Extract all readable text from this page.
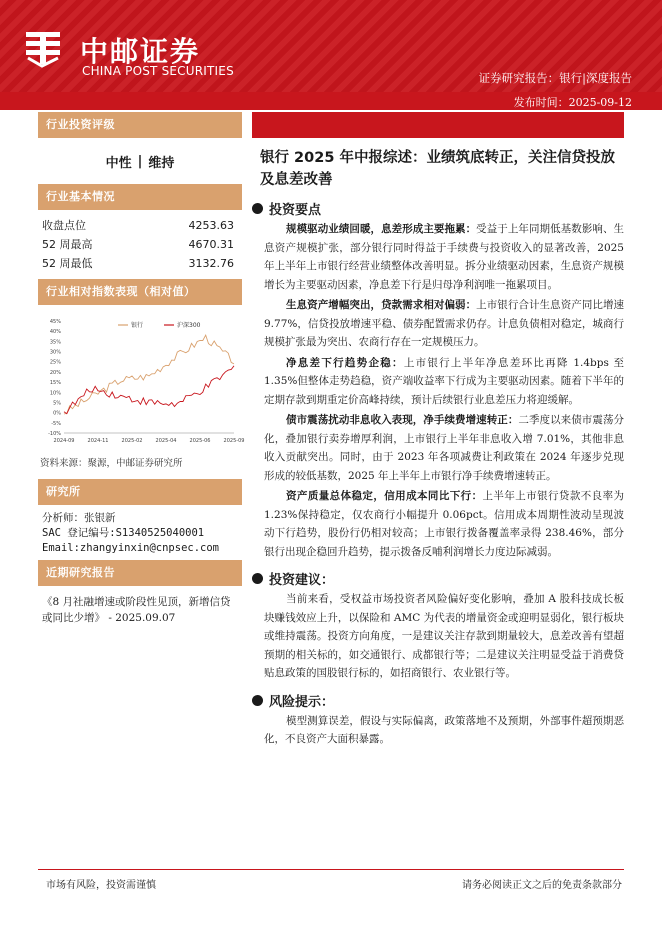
中邮证券
CHINA POST SECURITIES	证券研究报告：银行|深度报告
发布时间：2025-09-12
行业投资评级
中性 | 维持
行业基本情况
收盘点位	4253.63
52 周最高	4670.31
52 周最低	3132.76
行业相对指数表现（相对值）
45%
40%
35%
30%
25%
20%
15%
10%
5%
0%
-5%
-10%
2024-09	2024-11	2025-02	2025-04	2025-06	2025-09
银行	沪深300
资料来源：聚源，中邮证券研究所
研究所
分析师：张银新
SAC 登记编号:S1340525040001
Email:zhangyinxin@cnpsec.com
近期研究报告
《8 月社融增速或阶段性见顶，新增信贷或同比少增》 - 2025.09.07
银行 2025 年中报综述：业绩筑底转正，关注信贷投放及息差改善
投资要点

规模驱动业绩回暖，息差形成主要拖累：受益于上年同期低基数影响、生息资产规模扩张，部分银行同时得益于手续费与投资收入的显著改善，2025 年上半年上市银行经营业绩整体改善明显。拆分业绩驱动因素，生息资产规模增长为主要驱动因素，净息差下行是归母净利润唯一拖累项目。

生息资产增幅突出，贷款需求相对偏弱：上市银行合计生息资产同比增速 9.77%，信贷投放增速平稳、债券配置需求仍存。计息负债相对稳定，城商行规模扩张最为突出、农商行存在一定规模压力。

净息差下行趋势企稳：上市银行上半年净息差环比再降 1.4bps 至 1.35%但整体走势趋稳，资产端收益率下行成为主要驱动因素。随着下半年的定期存款到期重定价高峰持续，预计后续银行业息差压力将迎缓解。

债市震荡扰动非息收入表现，净手续费增速转正：二季度以来债市震荡分化，叠加银行卖券增厚利润，上市银行上半年非息收入增 7.01%，其他非息收入贡献突出。同时，由于 2023 年各项减费让利政策在 2024 年逐步兑现形成的较低基数，2025 年上半年上市银行净手续费增速转正。

资产质量总体稳定，信用成本同比下行：上半年上市银行贷款不良率为 1.23%保持稳定，仅农商行小幅提升 0.06pct。信用成本周期性波动呈现波动下行趋势，股份行仍相对较高；上市银行拨备覆盖率录得 238.46%，部分银行出现企稳回升趋势，提示拨备反哺利润增长力度边际减弱。

投资建议：

当前来看，受权益市场投资者风险偏好变化影响，叠加 A 股科技成长板块赚钱效应上升，以保险和 AMC 为代表的增量资金或迎明显弱化，银行板块或维持震荡。投资方向角度，一是建议关注存款到期量较大，息差改善有望超预期的相关标的，如交通银行、成都银行等；二是建议关注明显受益于消费贷贴息政策的国股银行标的，如招商银行、农业银行等。

风险提示：

模型测算误差，假设与实际偏离，政策落地不及预期，外部事件超预期恶化，不良资产大面积暴露。

市场有风险，投资需谨慎	请务必阅读正文之后的免责条款部分
